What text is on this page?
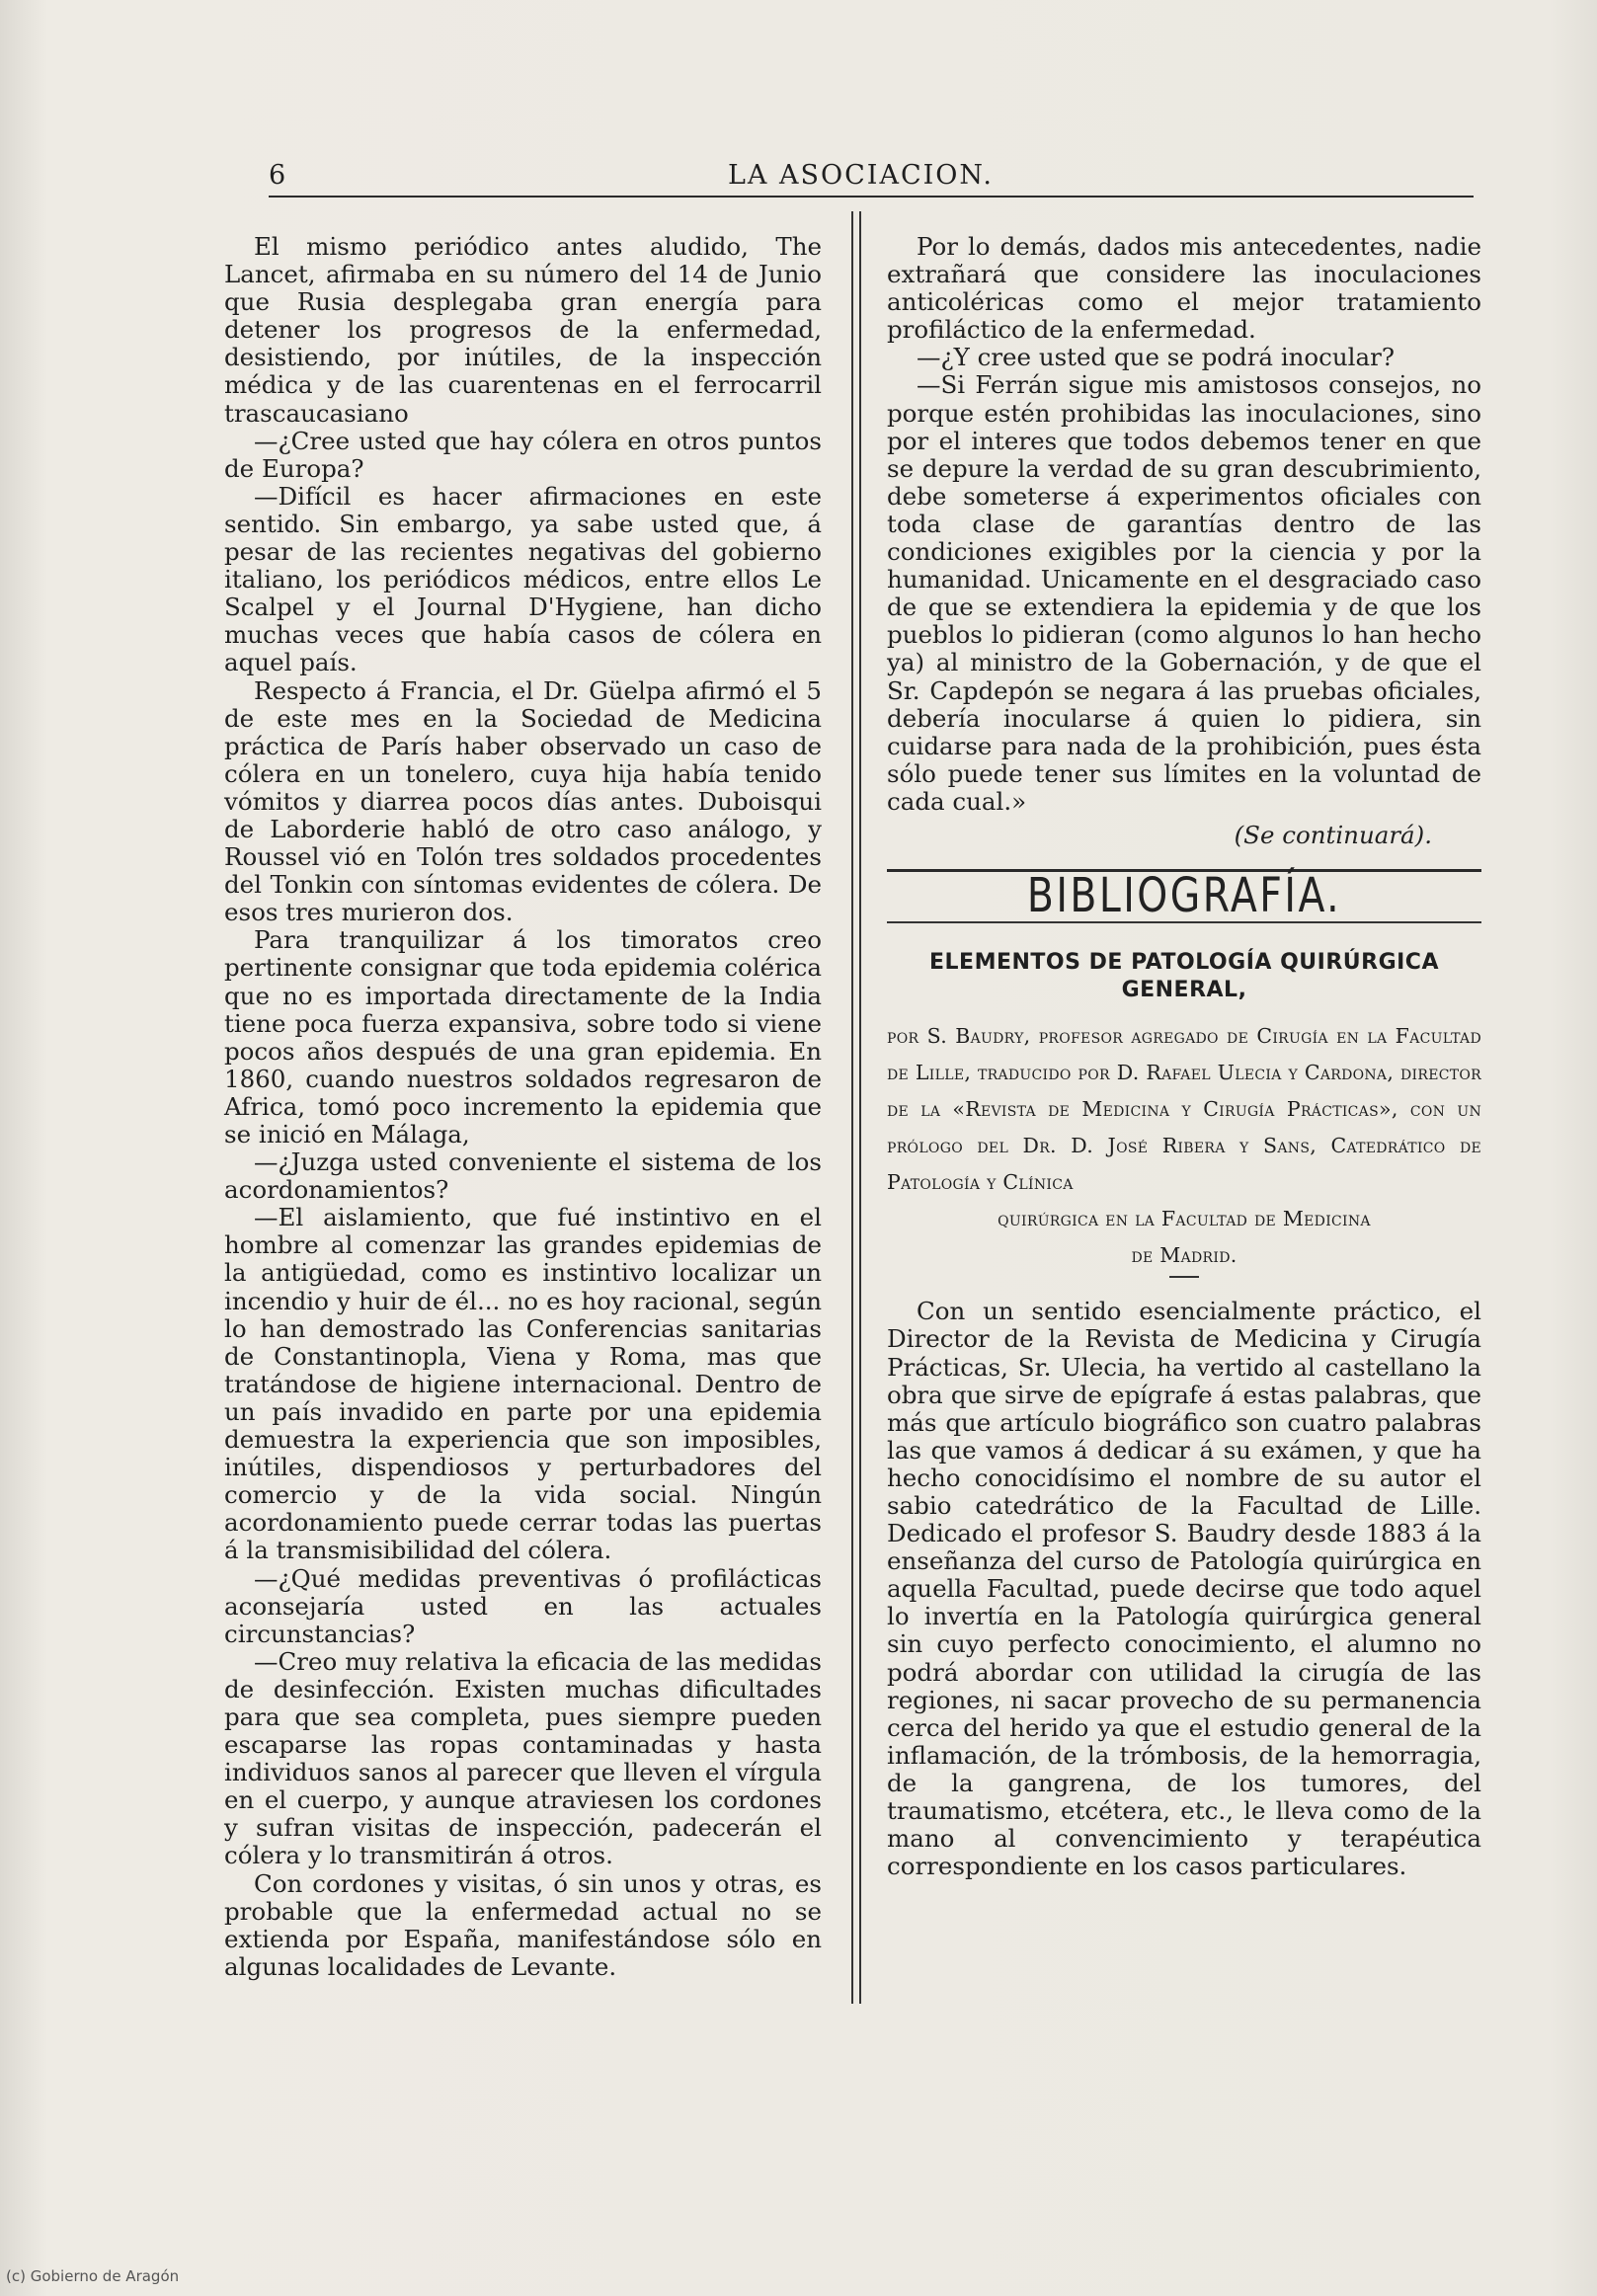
6	LA ASOCIACION.

El mismo periódico antes aludido, The Lancet, afirmaba en su número del 14 de Junio que Rusia desplegaba gran energía para detener los progresos de la enfermedad, desistiendo, por inútiles, de la inspección médica y de las cuarentenas en el ferrocarril trascaucasiano

—¿Cree usted que hay cólera en otros puntos de Europa?

—Difícil es hacer afirmaciones en este sentido. Sin embargo, ya sabe usted que, á pesar de las recientes negativas del gobierno italiano, los periódicos médicos, entre ellos Le Scalpel y el Journal D'Hygiene, han dicho muchas veces que había casos de cólera en aquel país.

Respecto á Francia, el Dr. Güelpa afirmó el 5 de este mes en la Sociedad de Medicina práctica de París haber observado un caso de cólera en un tonelero, cuya hija había tenido vómitos y diarrea pocos días antes. Duboisqui de Laborderie habló de otro caso análogo, y Roussel vió en Tolón tres soldados procedentes del Tonkin con síntomas evidentes de cólera. De esos tres murieron dos.

Para tranquilizar á los timoratos creo pertinente consignar que toda epidemia colérica que no es importada directamente de la India tiene poca fuerza expansiva, sobre todo si viene pocos años después de una gran epidemia. En 1860, cuando nuestros soldados regresaron de Africa, tomó poco incremento la epidemia que se inició en Málaga,

—¿Juzga usted conveniente el sistema de los acordonamientos?

—El aislamiento, que fué instintivo en el hombre al comenzar las grandes epidemias de la antigüedad, como es instintivo localizar un incendio y huir de él... no es hoy racional, según lo han demostrado las Conferencias sanitarias de Constantinopla, Viena y Roma, mas que tratándose de higiene internacional. Dentro de un país invadido en parte por una epidemia demuestra la experiencia que son imposibles, inútiles, dispendiosos y perturbadores del comercio y de la vida social. Ningún acordonamiento puede cerrar todas las puertas á la transmisibilidad del cólera.

—¿Qué medidas preventivas ó profilácticas aconsejaría usted en las actuales circunstancias?

—Creo muy relativa la eficacia de las medidas de desinfección. Existen muchas dificultades para que sea completa, pues siempre pueden escaparse las ropas contaminadas y hasta individuos sanos al parecer que lleven el vírgula en el cuerpo, y aunque atraviesen los cordones y sufran visitas de inspección, padecerán el cólera y lo transmitirán á otros.

Con cordones y visitas, ó sin unos y otras, es probable que la enfermedad actual no se extienda por España, manifestándose sólo en algunas localidades de Levante.

Por lo demás, dados mis antecedentes, nadie extrañará que considere las inoculaciones anticoléricas como el mejor tratamiento profiláctico de la enfermedad.

—¿Y cree usted que se podrá inocular?

—Si Ferrán sigue mis amistosos consejos, no porque estén prohibidas las inoculaciones, sino por el interes que todos debemos tener en que se depure la verdad de su gran descubrimiento, debe someterse á experimentos oficiales con toda clase de garantías dentro de las condiciones exigibles por la ciencia y por la humanidad. Unicamente en el desgraciado caso de que se extendiera la epidemia y de que los pueblos lo pidieran (como algunos lo han hecho ya) al ministro de la Gobernación, y de que el Sr. Capdepón se negara á las pruebas oficiales, debería inocularse á quien lo pidiera, sin cuidarse para nada de la prohibición, pues ésta sólo puede tener sus límites en la voluntad de cada cual.»

(Se continuará).
BIBLIOGRAFÍA.
ELEMENTOS DE PATOLOGÍA QUIRÚRGICA GENERAL,
por S. Baudry, profesor agregado de Cirugía en la Facultad de Lille, traducido por D. Rafael Ulecia y Cardona, director de la «Revista de Medicina y Cirugía Prácticas», con un prólogo del Dr. D. José Ribera y Sans, Catedrático de Patología y Clínica
quirúrgica en la Facultad de Medicina
de Madrid.

Con un sentido esencialmente práctico, el Director de la Revista de Medicina y Cirugía Prácticas, Sr. Ulecia, ha vertido al castellano la obra que sirve de epígrafe á estas palabras, que más que artículo biográfico son cuatro palabras las que vamos á dedicar á su exámen, y que ha hecho conocidísimo el nombre de su autor el sabio catedrático de la Facultad de Lille. Dedicado el profesor S. Baudry desde 1883 á la enseñanza del curso de Patología quirúrgica en aquella Facultad, puede decirse que todo aquel lo invertía en la Patología quirúrgica general sin cuyo perfecto conocimiento, el alumno no podrá abordar con utilidad la cirugía de las regiones, ni sacar provecho de su permanencia cerca del herido ya que el estudio general de la inflamación, de la trómbosis, de la hemorragia, de la gangrena, de los tumores, del traumatismo, etcétera, etc., le lleva como de la mano al convencimiento y terapéutica correspondiente en los casos particulares.

(c) Gobierno de Aragón
